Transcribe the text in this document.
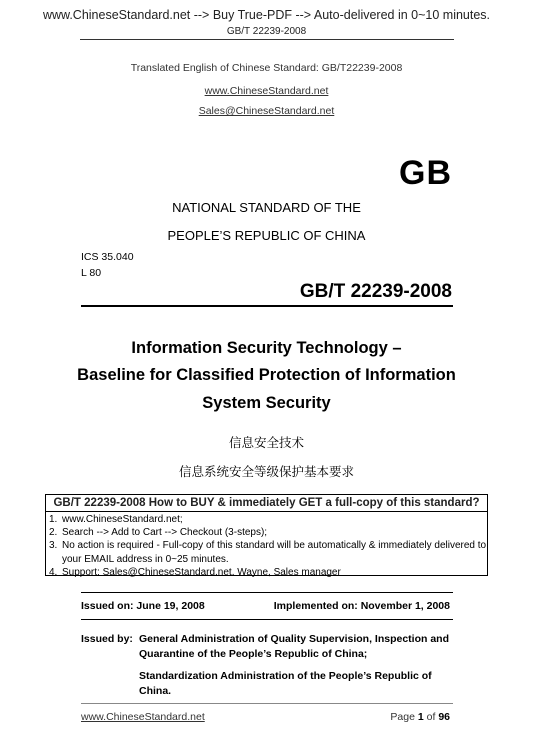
www.ChineseStandard.net --> Buy True-PDF --> Auto-delivered in 0~10 minutes.
GB/T 22239-2008
Translated English of Chinese Standard: GB/T22239-2008
www.ChineseStandard.net
Sales@ChineseStandard.net
GB
NATIONAL STANDARD OF THE
PEOPLE’S REPUBLIC OF CHINA
ICS 35.040
L 80
GB/T 22239-2008
Information Security Technology –
Baseline for Classified Protection of Information
System Security
信息安全技术
信息系统安全等级保护基本要求
GB/T 22239-2008 How to BUY & immediately GET a full-copy of this standard?
1. www.ChineseStandard.net;
2. Search --> Add to Cart --> Checkout (3-steps);
3. No action is required - Full-copy of this standard will be automatically & immediately delivered to
your EMAIL address in 0~25 minutes.
4. Support: Sales@ChineseStandard.net. Wayne, Sales manager
Issued on: June 19, 2008	Implemented on: November 1, 2008
Issued by: General Administration of Quality Supervision, Inspection and
Quarantine of the People’s Republic of China;
Standardization Administration of the People’s Republic of China.
www.ChineseStandard.net	Page 1 of 96
